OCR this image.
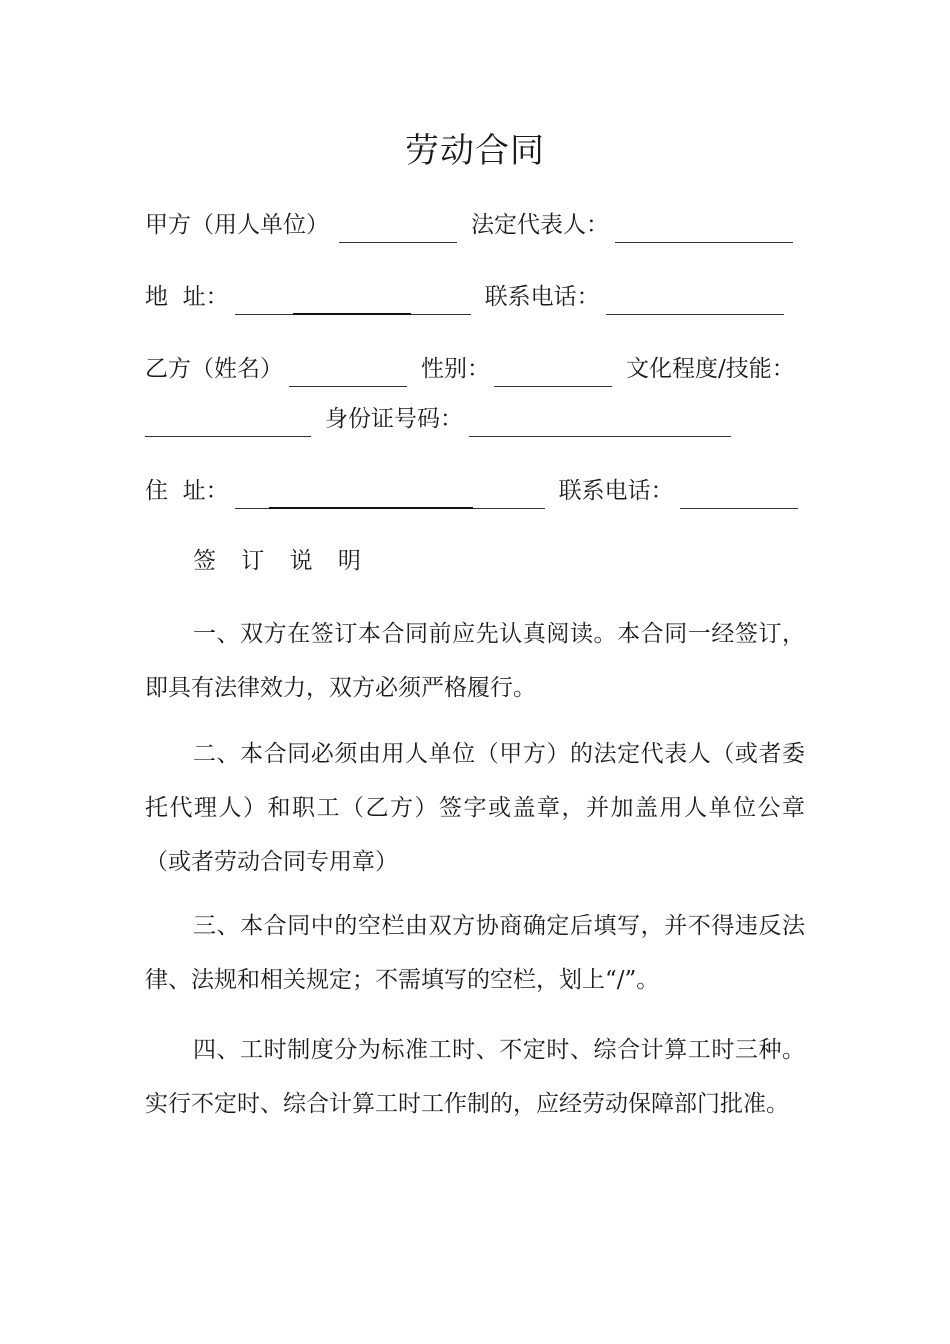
劳动合同
甲方（用人单位）	法定代表人：
地  址：	联系电话：
乙方（姓名）	性别：	文化程度/技能：
身份证号码：
住  址：	联系电话：
签 订 说 明

一、双方在签订本合同前应先认真阅读。本合同一经签订，即具有法律效力，双方必须严格履行。

二、本合同必须由用人单位（甲方）的法定代表人（或者委托代理人）和职工（乙方）签字或盖章，并加盖用人单位公章（或者劳动合同专用章）

三、本合同中的空栏由双方协商确定后填写，并不得违反法律、法规和相关规定；不需填写的空栏，划上“/”。

四、工时制度分为标准工时、不定时、综合计算工时三种。实行不定时、综合计算工时工作制的，应经劳动保障部门批准。
